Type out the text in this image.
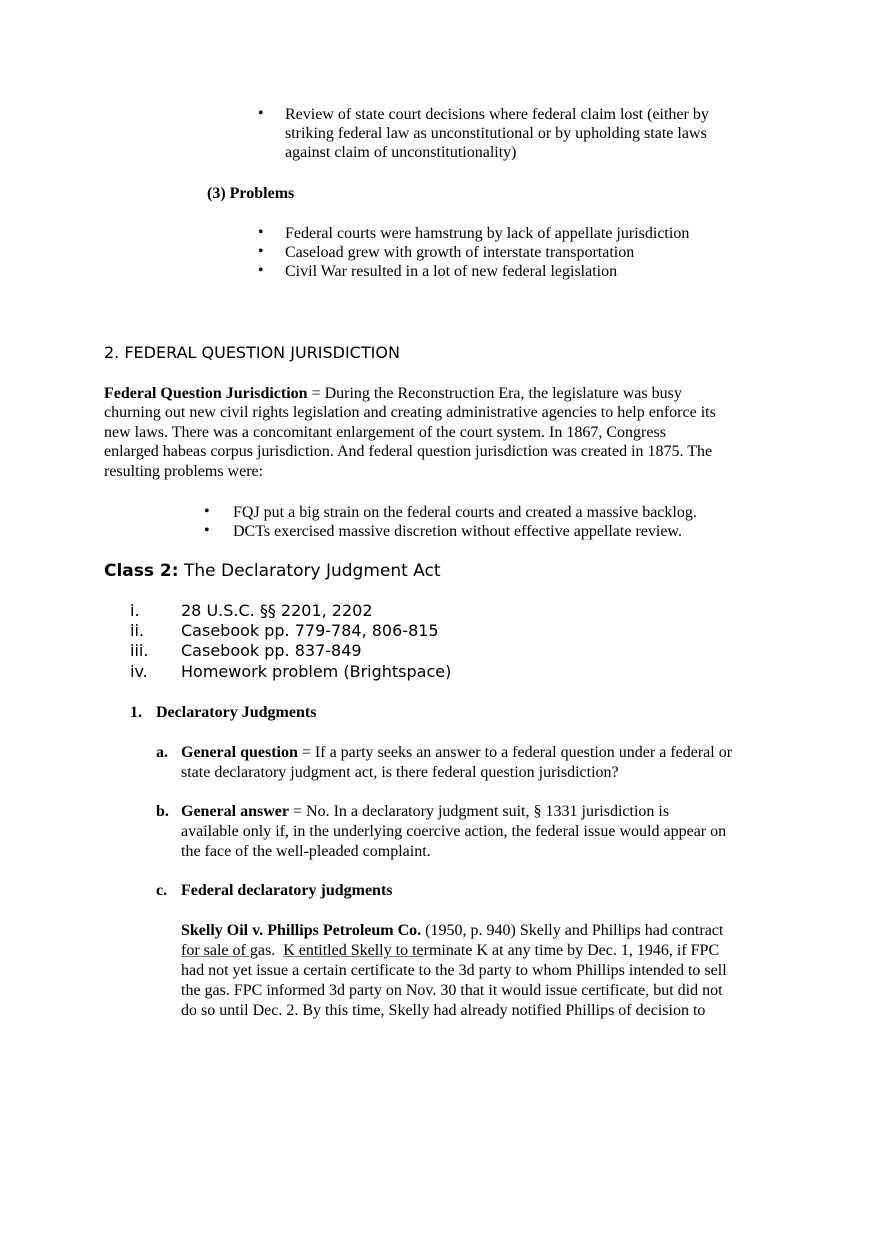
• Review of state court decisions where federal claim lost (either by
striking federal law as unconstitutional or by upholding state laws
against claim of unconstitutionality)
(3) Problems
• Federal courts were hamstrung by lack of appellate jurisdiction
• Caseload grew with growth of interstate transportation
• Civil War resulted in a lot of new federal legislation
2. FEDERAL QUESTION JURISDICTION
Federal Question Jurisdiction = During the Reconstruction Era, the legislature was busy
churning out new civil rights legislation and creating administrative agencies to help enforce its
new laws. There was a concomitant enlargement of the court system. In 1867, Congress
enlarged habeas corpus jurisdiction. And federal question jurisdiction was created in 1875. The
resulting problems were:
• FQJ put a big strain on the federal courts and created a massive backlog.
• DCTs exercised massive discretion without effective appellate review.
Class 2: The Declaratory Judgment Act
i.	28 U.S.C. §§ 2201, 2202
ii. Casebook pp. 779-784, 806-815
iii. Casebook pp. 837-849
iv. Homework problem (Brightspace)
1. Declaratory Judgments
a. General question = If a party seeks an answer to a federal question under a federal or
state declaratory judgment act, is there federal question jurisdiction?
b. General answer = No. In a declaratory judgment suit, § 1331 jurisdiction is
available only if, in the underlying coercive action, the federal issue would appear on
the face of the well-pleaded complaint.
c. Federal declaratory judgments
Skelly Oil v. Phillips Petroleum Co. (1950, p. 940) Skelly and Phillips had contract
for sale of gas.  K entitled Skelly to terminate K at any time by Dec. 1, 1946, if FPC
had not yet issue a certain certificate to the 3d party to whom Phillips intended to sell
the gas. FPC informed 3d party on Nov. 30 that it would issue certificate, but did not
do so until Dec. 2. By this time, Skelly had already notified Phillips of decision to
